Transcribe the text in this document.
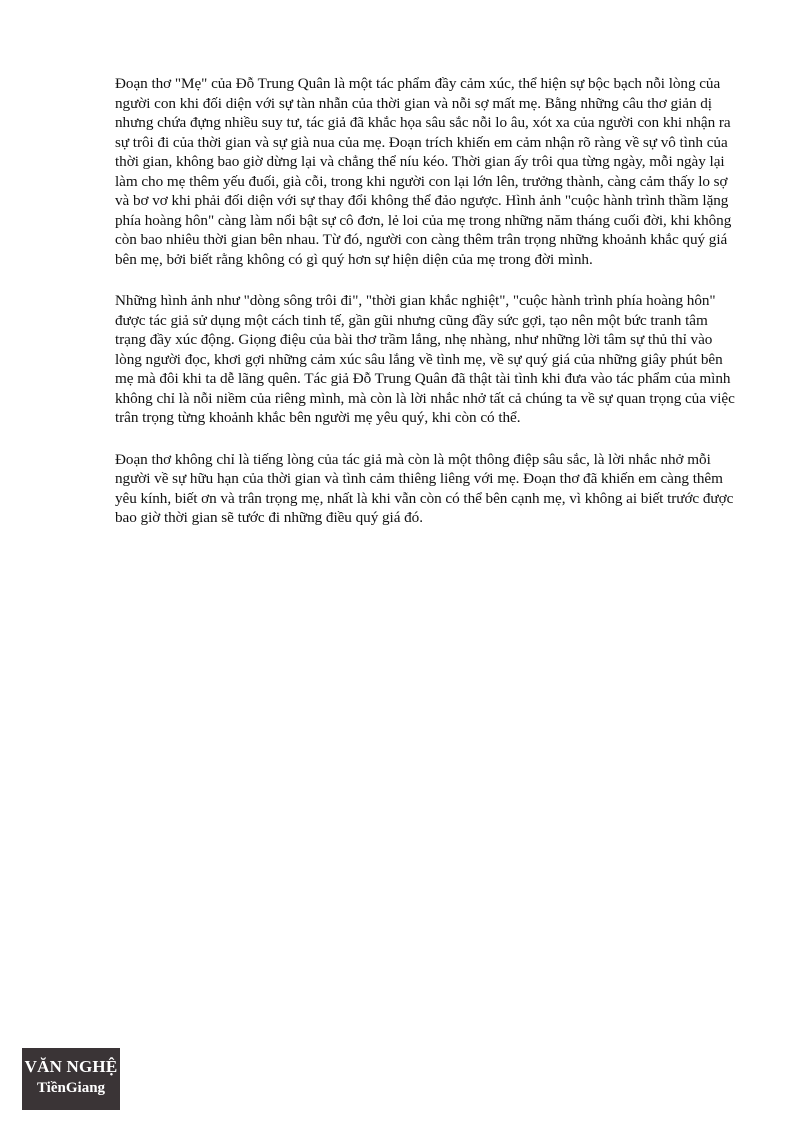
Đoạn thơ "Mẹ" của Đỗ Trung Quân là một tác phẩm đầy cảm xúc, thể hiện sự bộc bạch nỗi lòng của người con khi đối diện với sự tàn nhẫn của thời gian và nỗi sợ mất mẹ. Bằng những câu thơ giản dị nhưng chứa đựng nhiều suy tư, tác giả đã khắc họa sâu sắc nỗi lo âu, xót xa của người con khi nhận ra sự trôi đi của thời gian và sự già nua của mẹ. Đoạn trích khiến em cảm nhận rõ ràng về sự vô tình của thời gian, không bao giờ dừng lại và chẳng thể níu kéo. Thời gian ấy trôi qua từng ngày, mỗi ngày lại làm cho mẹ thêm yếu đuối, già cỗi, trong khi người con lại lớn lên, trưởng thành, càng cảm thấy lo sợ và bơ vơ khi phải đối diện với sự thay đổi không thể đảo ngược. Hình ảnh "cuộc hành trình thầm lặng phía hoàng hôn" càng làm nổi bật sự cô đơn, lẻ loi của mẹ trong những năm tháng cuối đời, khi không còn bao nhiêu thời gian bên nhau. Từ đó, người con càng thêm trân trọng những khoảnh khắc quý giá bên mẹ, bởi biết rằng không có gì quý hơn sự hiện diện của mẹ trong đời mình.

Những hình ảnh như "dòng sông trôi đi", "thời gian khắc nghiệt", "cuộc hành trình phía hoàng hôn" được tác giả sử dụng một cách tinh tế, gần gũi nhưng cũng đầy sức gợi, tạo nên một bức tranh tâm trạng đầy xúc động. Giọng điệu của bài thơ trầm lắng, nhẹ nhàng, như những lời tâm sự thủ thỉ vào lòng người đọc, khơi gợi những cảm xúc sâu lắng về tình mẹ, về sự quý giá của những giây phút bên mẹ mà đôi khi ta dễ lãng quên. Tác giả Đỗ Trung Quân đã thật tài tình khi đưa vào tác phẩm của mình không chỉ là nỗi niềm của riêng mình, mà còn là lời nhắc nhở tất cả chúng ta về sự quan trọng của việc trân trọng từng khoảnh khắc bên người mẹ yêu quý, khi còn có thể.

Đoạn thơ không chỉ là tiếng lòng của tác giả mà còn là một thông điệp sâu sắc, là lời nhắc nhở mỗi người về sự hữu hạn của thời gian và tình cảm thiêng liêng với mẹ. Đoạn thơ đã khiến em càng thêm yêu kính, biết ơn và trân trọng mẹ, nhất là khi vẫn còn có thể bên cạnh mẹ, vì không ai biết trước được bao giờ thời gian sẽ tước đi những điều quý giá đó.

VĂN NGHỆ
TiềnGiang
